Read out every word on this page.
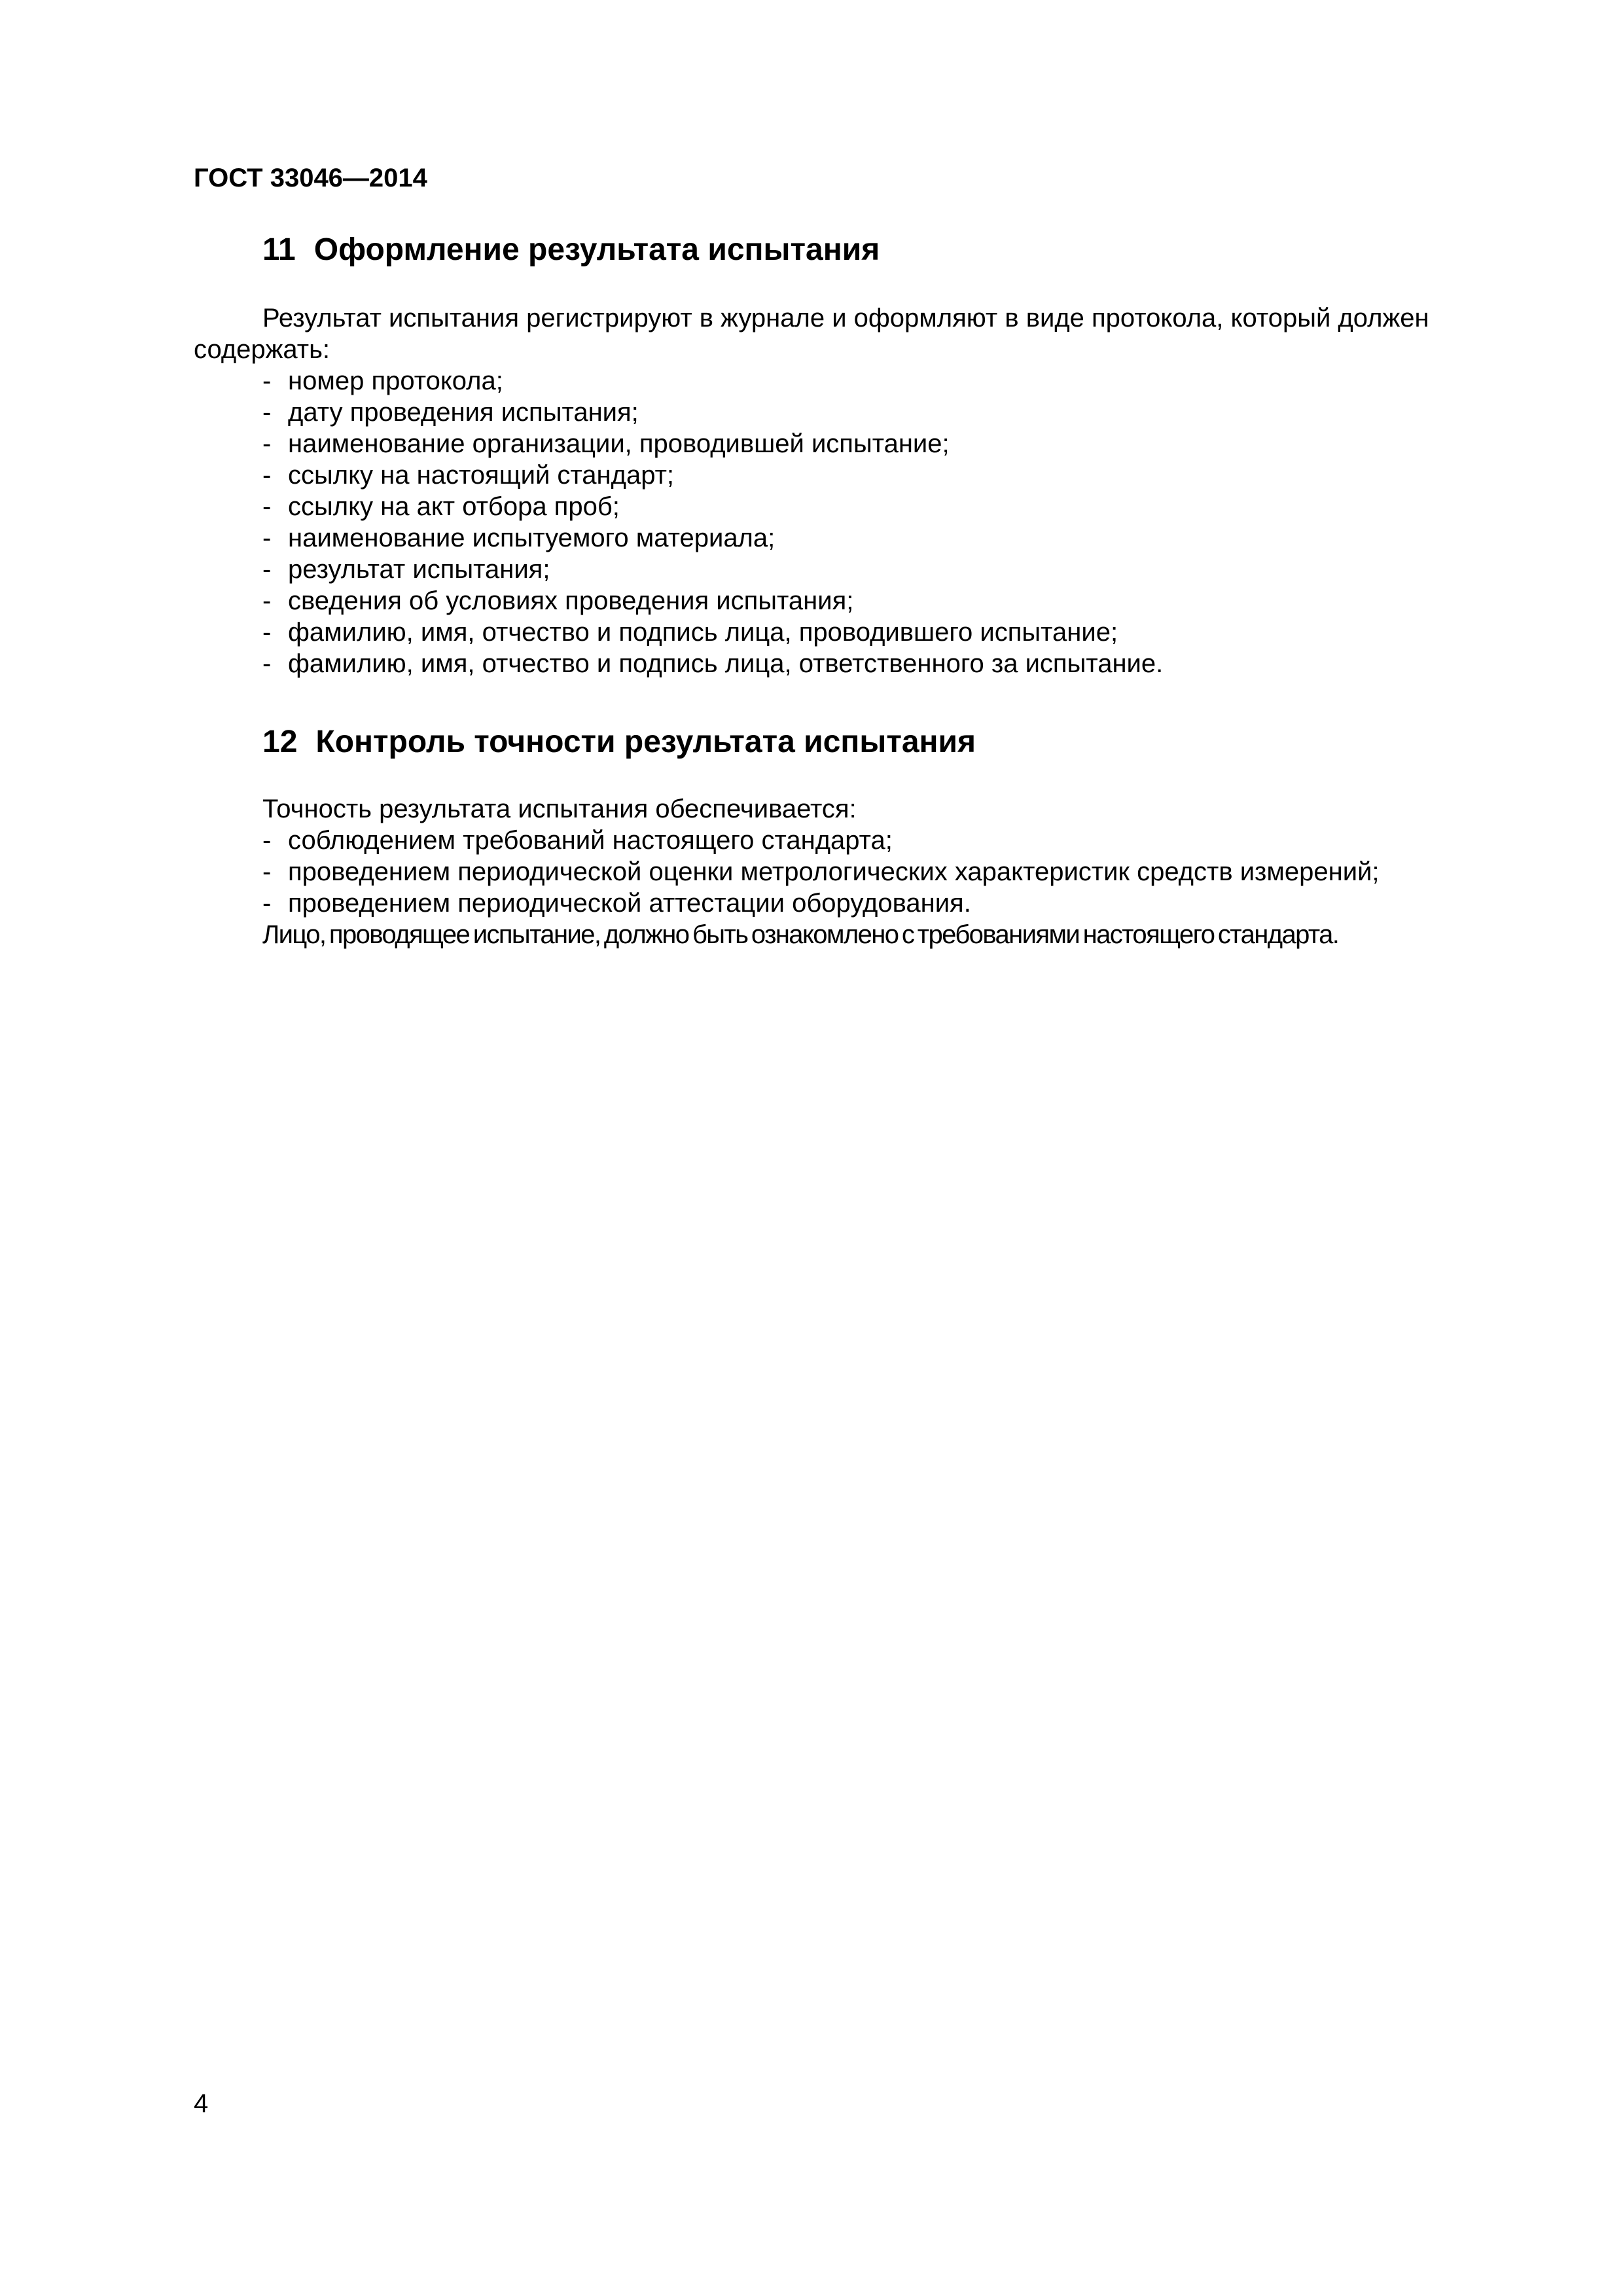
ГОСТ 33046—2014
11 Оформление результата испытания

Результат испытания регистрируют в журнале и оформляют в виде протокола, который должен содержать:

- номер протокола;
- дату проведения испытания;
- наименование организации, проводившей испытание;
- ссылку на настоящий стандарт;
- ссылку на акт отбора проб;
- наименование испытуемого материала;
- результат испытания;
- сведения об условиях проведения испытания;
- фамилию, имя, отчество и подпись лица, проводившего испытание;
- фамилию, имя, отчество и подпись лица, ответственного за испытание.
12 Контроль точности результата испытания

Точность результата испытания обеспечивается:

- соблюдением требований настоящего стандарта;
- проведением периодической оценки метрологических характеристик средств измерений;
- проведением периодической аттестации оборудования.

Лицо, проводящее испытание, должно быть ознакомлено с требованиями настоящего стандарта.

4
